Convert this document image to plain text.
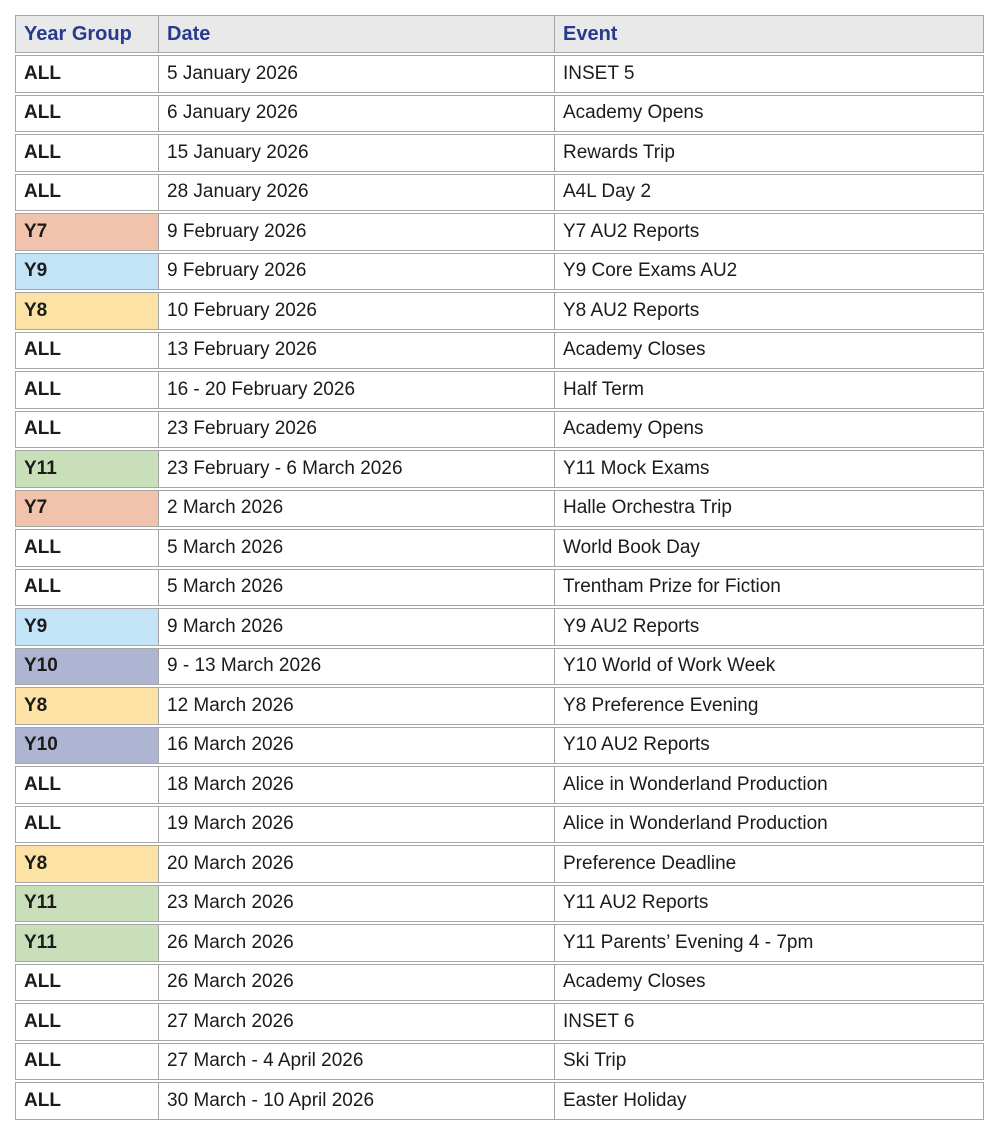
Year Group	Date	Event
ALL	5 January 2026	INSET 5
ALL	6 January 2026	Academy Opens
ALL	15 January 2026	Rewards Trip
ALL	28 January 2026	A4L Day 2
Y7	9 February 2026	Y7 AU2 Reports
Y9	9 February 2026	Y9 Core Exams AU2
Y8	10 February 2026	Y8 AU2 Reports
ALL	13 February 2026	Academy Closes
ALL	16 - 20 February 2026	Half Term
ALL	23 February 2026	Academy Opens
Y11	23 February - 6 March 2026	Y11 Mock Exams
Y7	2 March 2026	Halle Orchestra Trip
ALL	5 March 2026	World Book Day
ALL	5 March 2026	Trentham Prize for Fiction
Y9	9 March 2026	Y9 AU2 Reports
Y10	9 - 13 March 2026	Y10 World of Work Week
Y8	12 March 2026	Y8 Preference Evening
Y10	16 March 2026	Y10 AU2 Reports
ALL	18 March 2026	Alice in Wonderland Production
ALL	19 March 2026	Alice in Wonderland Production
Y8	20 March 2026	Preference Deadline
Y11	23 March 2026	Y11 AU2 Reports
Y11	26 March 2026	Y11 Parents’ Evening 4 - 7pm
ALL	26 March 2026	Academy Closes
ALL	27 March 2026	INSET 6
ALL	27 March - 4 April 2026	Ski Trip
ALL	30 March - 10 April 2026	Easter Holiday
